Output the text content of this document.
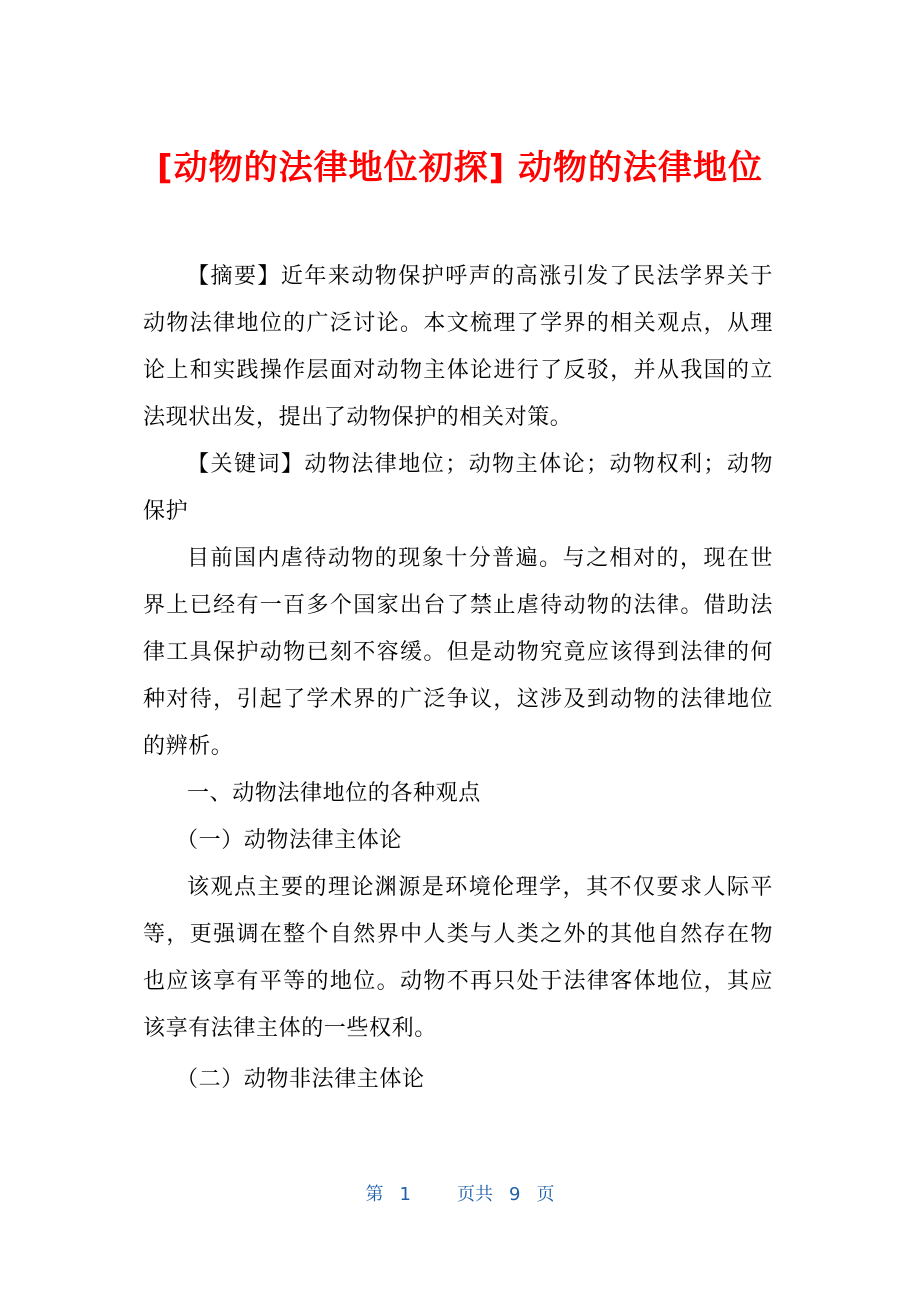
[动物的法律地位初探] 动物的法律地位

【摘要】近年来动物保护呼声的高涨引发了民法学界关于动物法律地位的广泛讨论。本文梳理了学界的相关观点，从理论上和实践操作层面对动物主体论进行了反驳，并从我国的立法现状出发，提出了动物保护的相关对策。

【关键词】动物法律地位；动物主体论；动物权利；动物保护

目前国内虐待动物的现象十分普遍。与之相对的，现在世界上已经有一百多个国家出台了禁止虐待动物的法律。借助法律工具保护动物已刻不容缓。但是动物究竟应该得到法律的何种对待，引起了学术界的广泛争议，这涉及到动物的法律地位的辨析。

一、动物法律地位的各种观点

（一）动物法律主体论

该观点主要的理论渊源是环境伦理学，其不仅要求人际平等，更强调在整个自然界中人类与人类之外的其他自然存在物也应该享有平等的地位。动物不再只处于法律客体地位，其应该享有法律主体的一些权利。

（二）动物非法律主体论

第 1	页共 9 页
